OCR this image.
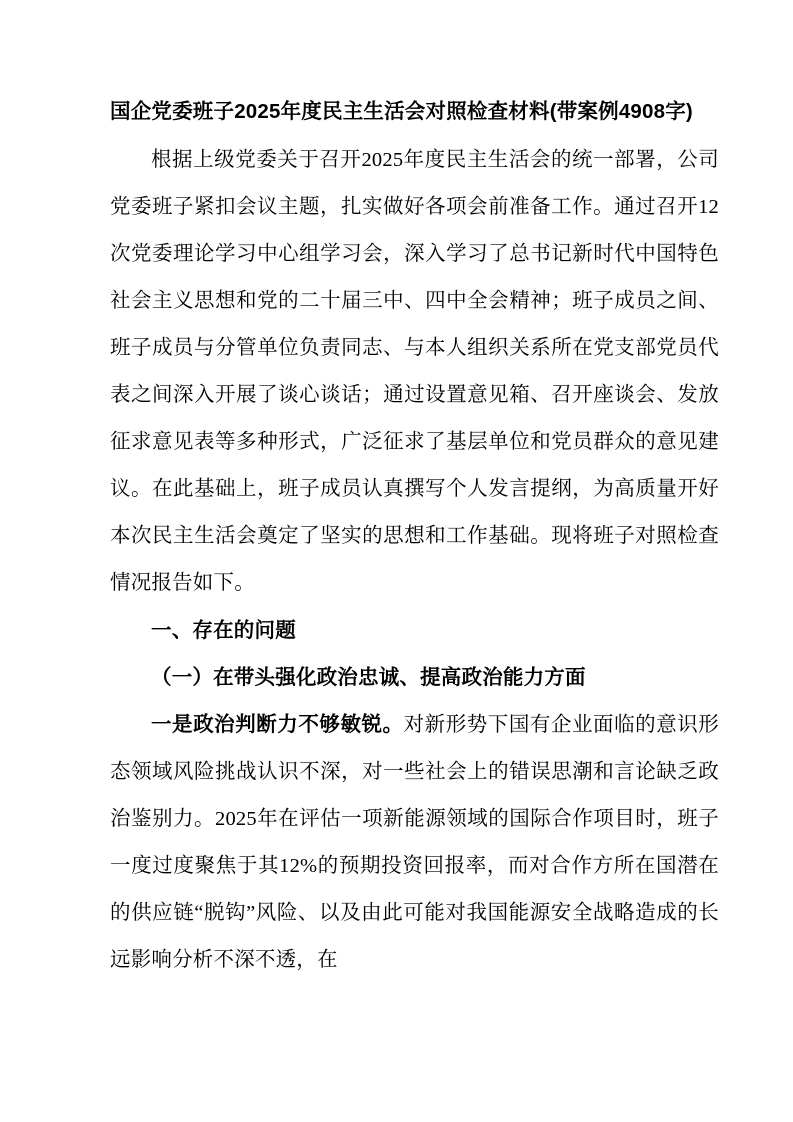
国企党委班子2025年度民主生活会对照检查材料(带案例4908字)

根据上级党委关于召开2025年度民主生活会的统一部署，公司党委班子紧扣会议主题，扎实做好各项会前准备工作。通过召开12次党委理论学习中心组学习会，深入学习了总书记新时代中国特色社会主义思想和党的二十届三中、四中全会精神；班子成员之间、班子成员与分管单位负责同志、与本人组织关系所在党支部党员代表之间深入开展了谈心谈话；通过设置意见箱、召开座谈会、发放征求意见表等多种形式，广泛征求了基层单位和党员群众的意见建议。在此基础上，班子成员认真撰写个人发言提纲，为高质量开好本次民主生活会奠定了坚实的思想和工作基础。现将班子对照检查情况报告如下。

一、存在的问题
（一）在带头强化政治忠诚、提高政治能力方面

一是政治判断力不够敏锐。对新形势下国有企业面临的意识形态领域风险挑战认识不深，对一些社会上的错误思潮和言论缺乏政治鉴别力。2025年在评估一项新能源领域的国际合作项目时，班子一度过度聚焦于其12%的预期投资回报率，而对合作方所在国潜在的供应链“脱钩”风险、以及由此可能对我国能源安全战略造成的长远影响分析不深不透，在
